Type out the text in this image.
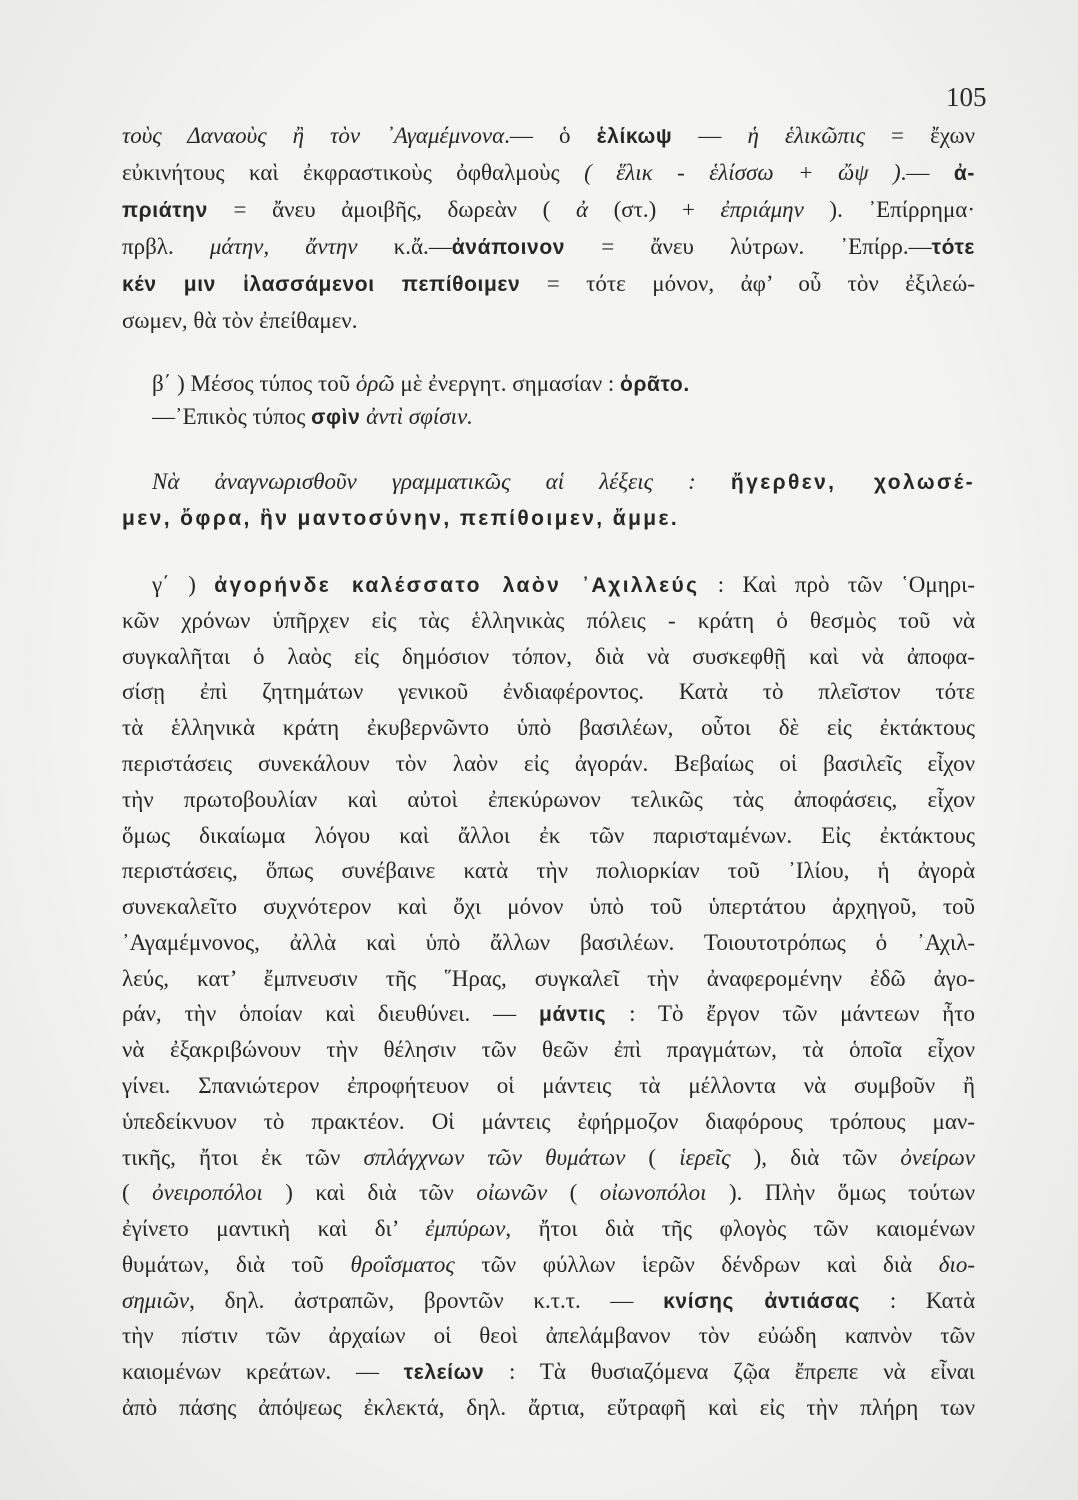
105
τοὺς Δαναοὺς ἢ τὸν ᾿Αγαμέμνονα.— ὁ ἑλίκωψ — ἡ ἑλικῶπις = ἔχων
εὐκινήτους καὶ ἐκφραστικοὺς ὀφθαλμοὺς ( ἕλικ - ἑλίσσω + ὤψ ).— ἀ-
πριάτην = ἄνευ ἀμοιβῆς, δωρεὰν ( ἀ (στ.) + ἐπριάμην ). ᾿Επίρρημα·
πρβλ. μάτην, ἄντην κ.ἄ.—ἀνάποινον = ἄνευ λύτρων. ᾿Επίρρ.—τότε
κέν μιν ἱλασσάμενοι πεπίθοιμεν = τότε μόνον, ἀφ’ οὗ τὸν ἐξιλεώ-
σωμεν, θὰ τὸν ἐπείθαμεν.
β΄ ) Μέσος τύπος τοῦ ὁρῶ μὲ ἐνεργητ. σημασίαν : ὁρᾶτο.
—᾿Επικὸς τύπος σφὶν ἀντὶ σφίσιν.
Νὰ ἀναγνωρισθοῦν γραμματικῶς αἱ λέξεις : ἤγερθεν, χολωσέ-
μεν, ὄφρα, ἣν μαντοσύνην, πεπίθοιμεν, ἄμμε.
γ΄ ) ἀγορήνδε καλέσσατο λαὸν ᾿Αχιλλεύς : Καὶ πρὸ τῶν ῾Ομηρι-
κῶν χρόνων ὑπῆρχεν εἰς τὰς ἑλληνικὰς πόλεις - κράτη ὁ θεσμὸς τοῦ νὰ
συγκαλῆται ὁ λαὸς εἰς δημόσιον τόπον, διὰ νὰ συσκεφθῇ καὶ νὰ ἀποφα-
σίσῃ ἐπὶ ζητημάτων γενικοῦ ἐνδιαφέροντος. Κατὰ τὸ πλεῖστον τότε
τὰ ἑλληνικὰ κράτη ἐκυβερνῶντο ὑπὸ βασιλέων, οὗτοι δὲ εἰς ἐκτάκτους
περιστάσεις συνεκάλουν τὸν λαὸν εἰς ἀγοράν. Βεβαίως οἱ βασιλεῖς εἶχον
τὴν πρωτοβουλίαν καὶ αὐτοὶ ἐπεκύρωνον τελικῶς τὰς ἀποφάσεις, εἶχον
ὅμως δικαίωμα λόγου καὶ ἄλλοι ἐκ τῶν παρισταμένων. Εἰς ἐκτάκτους
περιστάσεις, ὅπως συνέβαινε κατὰ τὴν πολιορκίαν τοῦ ᾿Ιλίου, ἡ ἀγορὰ
συνεκαλεῖτο συχνότερον καὶ ὄχι μόνον ὑπὸ τοῦ ὑπερτάτου ἀρχηγοῦ, τοῦ
᾿Αγαμέμνονος, ἀλλὰ καὶ ὑπὸ ἄλλων βασιλέων. Τοιουτοτρόπως ὁ ᾿Αχιλ-
λεύς, κατ’ ἔμπνευσιν τῆς ῞Ηρας, συγκαλεῖ τὴν ἀναφερομένην ἐδῶ ἀγο-
ράν, τὴν ὁποίαν καὶ διευθύνει. — μάντις : Τὸ ἔργον τῶν μάντεων ἦτο
νὰ ἐξακριβώνουν τὴν θέλησιν τῶν θεῶν ἐπὶ πραγμάτων, τὰ ὁποῖα εἶχον
γίνει. Σπανιώτερον ἐπροφήτευον οἱ μάντεις τὰ μέλλοντα νὰ συμβοῦν ἢ
ὑπεδείκνυον τὸ πρακτέον. Οἱ μάντεις ἐφήρμοζον διαφόρους τρόπους μαν-
τικῆς, ἤτοι ἐκ τῶν σπλάγχνων τῶν θυμάτων ( ἱερεῖς ), διὰ τῶν ὀνείρων
( ὀνειροπόλοι ) καὶ διὰ τῶν οἰωνῶν ( οἰωνοπόλοι ). Πλὴν ὅμως τούτων
ἐγίνετο μαντικὴ καὶ δι’ ἐμπύρων, ἤτοι διὰ τῆς φλογὸς τῶν καιομένων
θυμάτων, διὰ τοῦ θροΐσματος τῶν φύλλων ἱερῶν δένδρων καὶ διὰ διο-
σημιῶν, δηλ. ἀστραπῶν, βροντῶν κ.τ.τ. — κνίσης ἀντιάσας : Κατὰ
τὴν πίστιν τῶν ἀρχαίων οἱ θεοὶ ἀπελάμβανον τὸν εὐώδη καπνὸν τῶν
καιομένων κρεάτων. — τελείων : Τὰ θυσιαζόμενα ζῷα ἔπρεπε νὰ εἶναι
ἀπὸ πάσης ἀπόψεως ἐκλεκτά, δηλ. ἄρτια, εὔτραφῆ καὶ εἰς τὴν πλήρη των
